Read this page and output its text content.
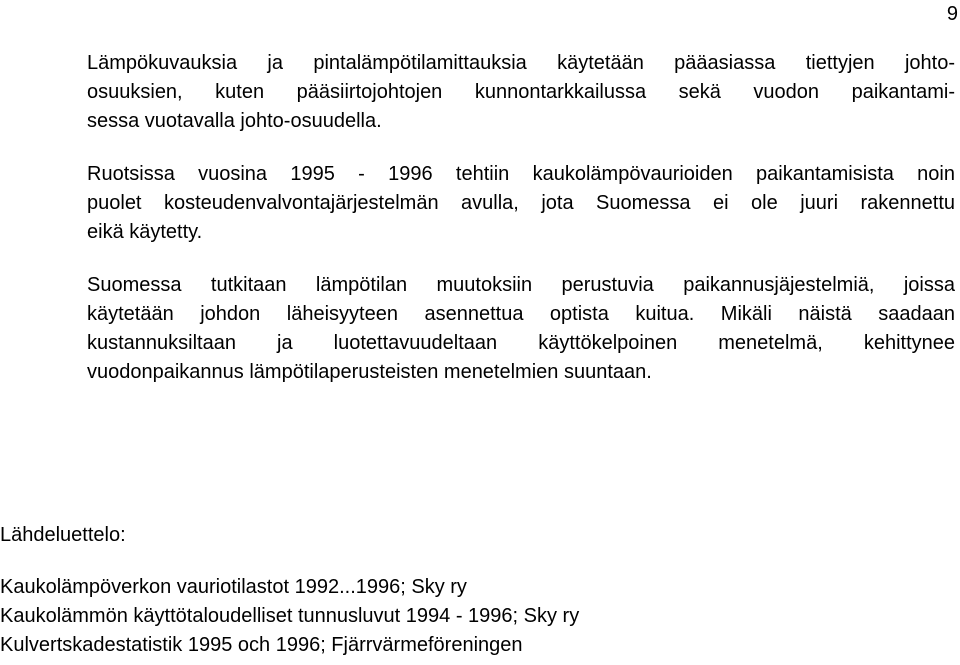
9

Lämpökuvauksia ja pintalämpötilamittauksia käytetään pääasiassa tiettyjen johto-
osuuksien, kuten pääsiirtojohtojen kunnontarkkailussa sekä vuodon paikantami-
sessa vuotavalla johto-osuudella.

Ruotsissa vuosina 1995 - 1996 tehtiin kaukolämpövaurioiden paikantamisista noin
puolet kosteudenvalvontajärjestelmän avulla, jota Suomessa ei ole juuri rakennettu
eikä käytetty.

Suomessa tutkitaan lämpötilan muutoksiin perustuvia paikannusjäjestelmiä, joissa
käytetään johdon läheisyyteen asennettua optista kuitua. Mikäli näistä saadaan
kustannuksiltaan ja luotettavuudeltaan käyttökelpoinen menetelmä, kehittynee
vuodonpaikannus lämpötilaperusteisten menetelmien suuntaan.

Lähdeluettelo:
Kaukolämpöverkon vauriotilastot 1992...1996; Sky ry
Kaukolämmön käyttötaloudelliset tunnusluvut 1994 - 1996; Sky ry
Kulvertskadestatistik 1995 och 1996; Fjärrvärmeföreningen
